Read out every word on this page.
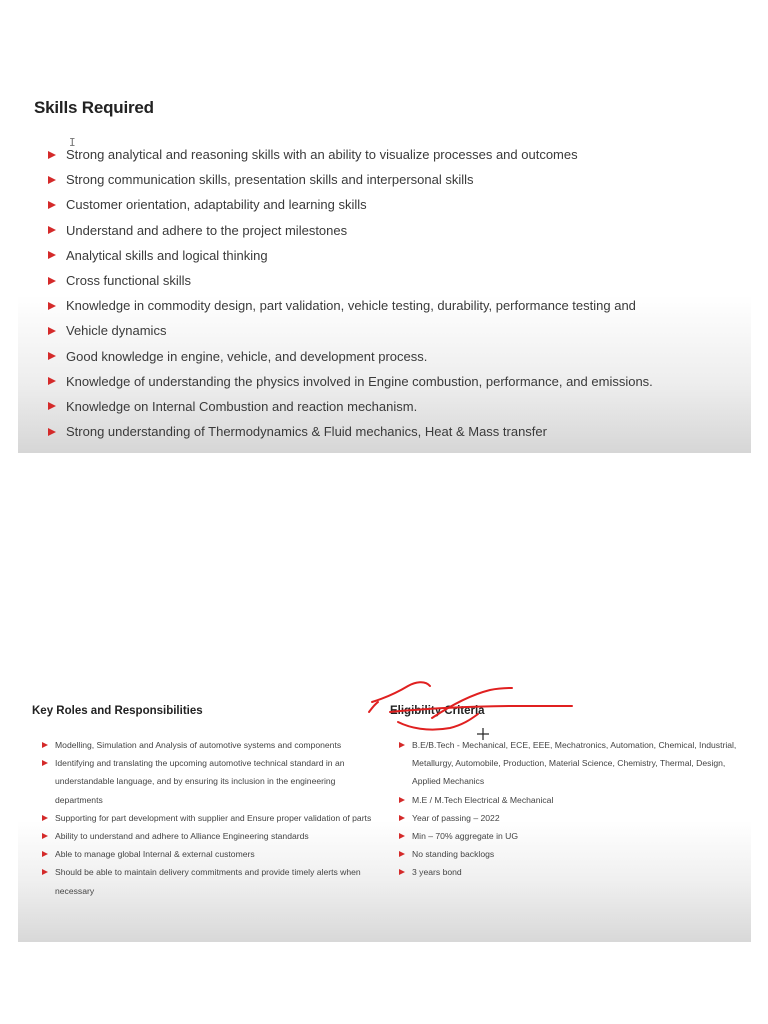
Skills Required
I
Strong analytical and reasoning skills with an ability to visualize processes and outcomes
Strong communication skills, presentation skills and interpersonal skills
Customer orientation, adaptability and learning skills
Understand and adhere to the project milestones
Analytical skills and logical thinking
Cross functional skills
Knowledge in commodity design, part validation, vehicle testing, durability, performance testing and
Vehicle dynamics
Good knowledge in engine, vehicle, and development process.
Knowledge of understanding the physics involved in Engine combustion, performance, and emissions.
Knowledge on Internal Combustion and reaction mechanism.
Strong understanding of Thermodynamics & Fluid mechanics, Heat & Mass transfer
Key Roles and Responsibilities
Modelling, Simulation and Analysis of automotive systems and components
Identifying and translating the upcoming automotive technical standard in an understandable language, and by ensuring its inclusion in the engineering departments
Supporting for part development with supplier and Ensure proper validation of parts
Ability to understand and adhere to Alliance Engineering standards
Able to manage global Internal & external customers
Should be able to maintain delivery commitments and provide timely alerts when necessary
Eligibility Criteria
B.E/B.Tech - Mechanical, ECE, EEE, Mechatronics, Automation, Chemical, Industrial, Metallurgy, Automobile, Production, Material Science, Chemistry, Thermal, Design, Applied Mechanics
M.E / M.Tech Electrical & Mechanical
Year of passing – 2022
Min – 70% aggregate in UG
No standing backlogs
3 years bond
